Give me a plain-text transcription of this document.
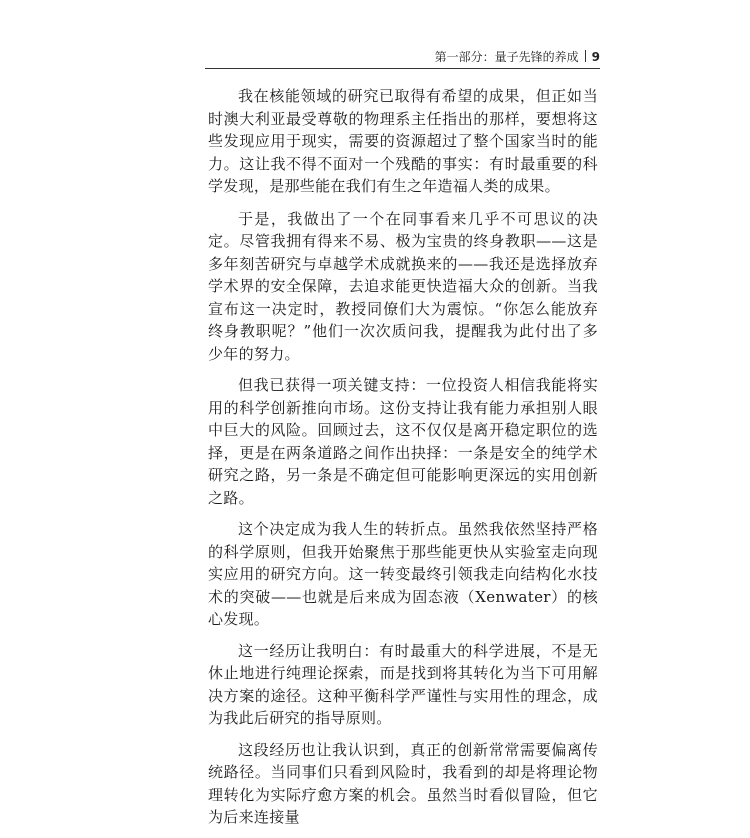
第一部分：量子先锋的养成 9

我在核能领域的研究已取得有希望的成果，但正如当时澳大利亚最受尊敬的物理系主任指出的那样，要想将这些发现应用于现实，需要的资源超过了整个国家当时的能力。这让我不得不面对一个残酷的事实：有时最重要的科学发现，是那些能在我们有生之年造福人类的成果。

于是，我做出了一个在同事看来几乎不可思议的决定。尽管我拥有得来不易、极为宝贵的终身教职——这是多年刻苦研究与卓越学术成就换来的——我还是选择放弃学术界的安全保障，去追求能更快造福大众的创新。当我宣布这一决定时，教授同僚们大为震惊。“你怎么能放弃终身教职呢？”他们一次次质问我，提醒我为此付出了多少年的努力。

但我已获得一项关键支持：一位投资人相信我能将实用的科学创新推向市场。这份支持让我有能力承担别人眼中巨大的风险。回顾过去，这不仅仅是离开稳定职位的选择，更是在两条道路之间作出抉择：一条是安全的纯学术研究之路，另一条是不确定但可能影响更深远的实用创新之路。

这个决定成为我人生的转折点。虽然我依然坚持严格的科学原则，但我开始聚焦于那些能更快从实验室走向现实应用的研究方向。这一转变最终引领我走向结构化水技术的突破——也就是后来成为固态液（Xenwater）的核心发现。

这一经历让我明白：有时最重大的科学进展，不是无休止地进行纯理论探索，而是找到将其转化为当下可用解决方案的途径。这种平衡科学严谨性与实用性的理念，成为我此后研究的指导原则。

这段经历也让我认识到，真正的创新常常需要偏离传统路径。当同事们只看到风险时，我看到的却是将理论物理转化为实际疗愈方案的机会。虽然当时看似冒险，但它为后来连接量
